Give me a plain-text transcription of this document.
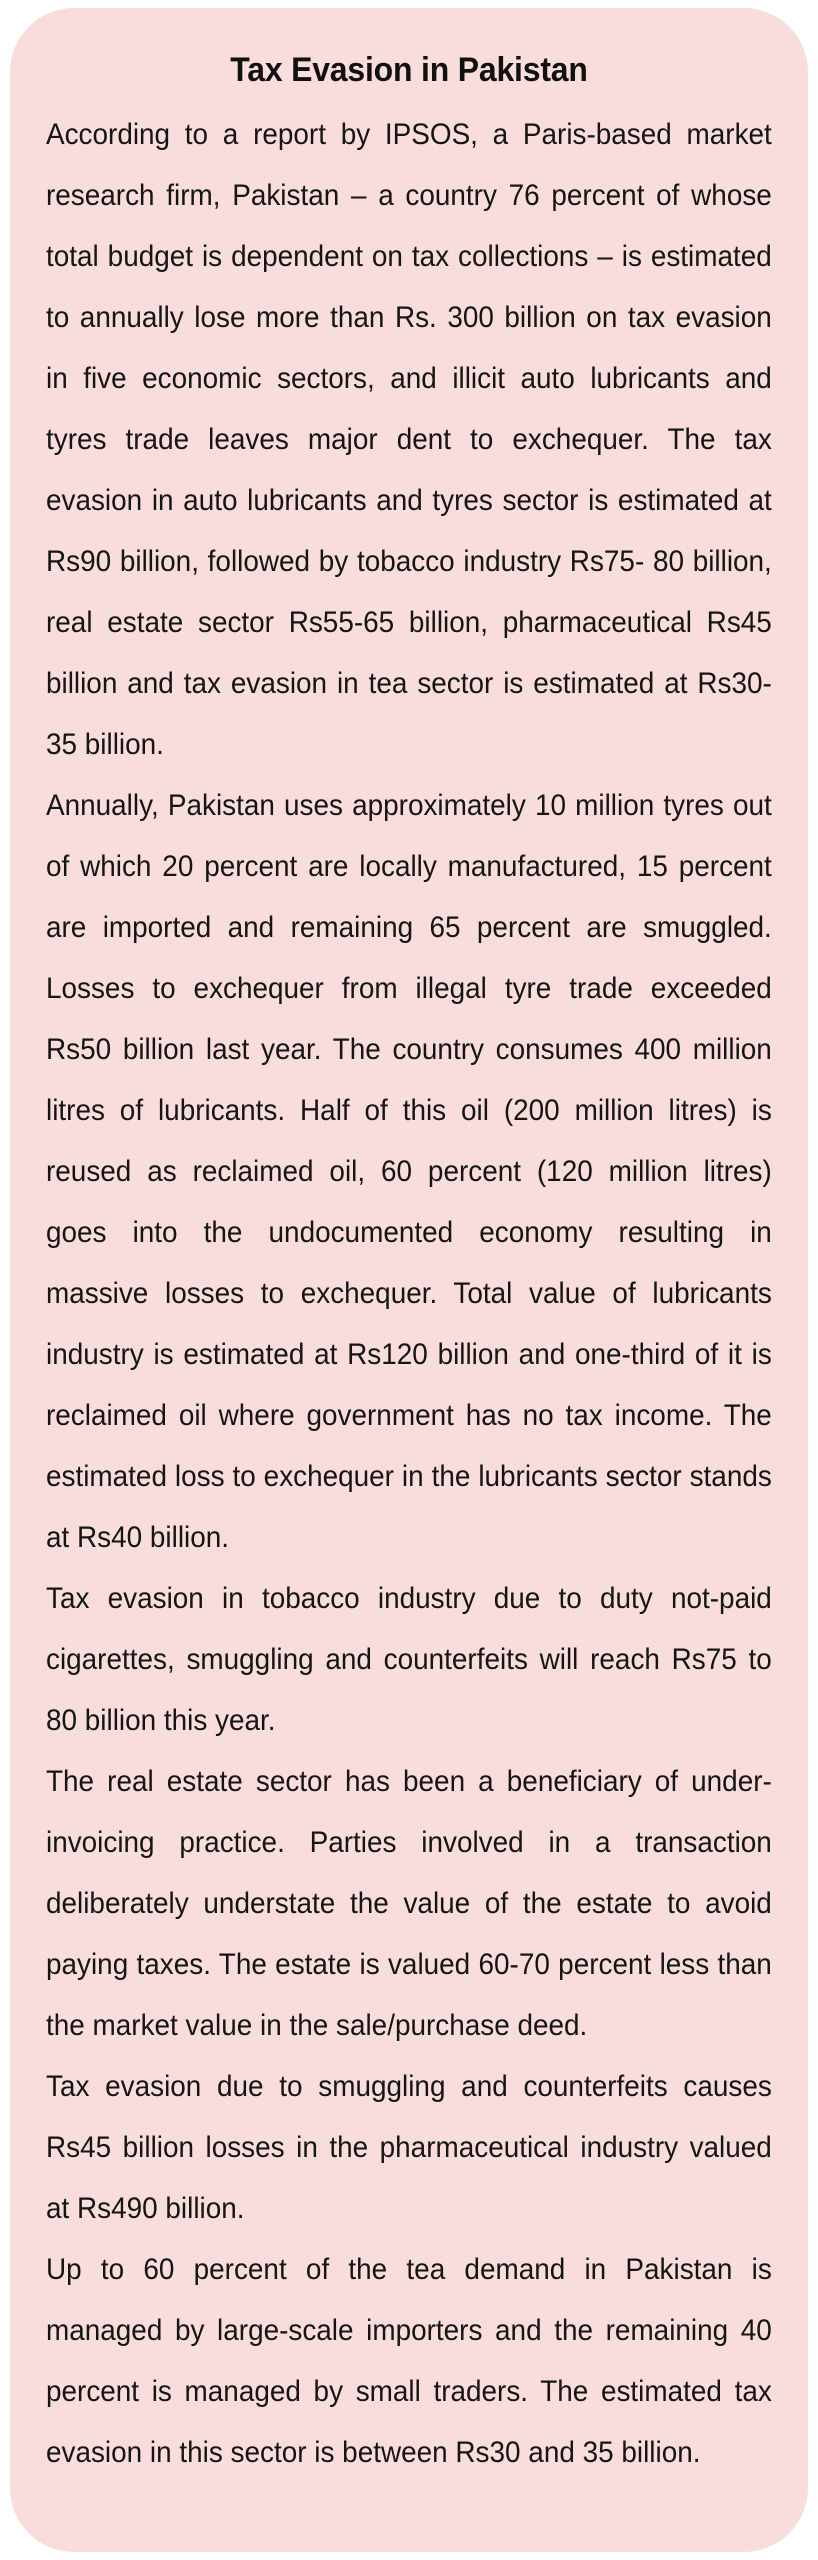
Tax Evasion in Pakistan

According to a report by IPSOS, a Paris-based market research firm, Pakistan – a country 76 percent of whose total budget is dependent on tax collections – is estimated to annually lose more than Rs. 300 billion on tax evasion in five economic sectors, and illicit auto lubricants and tyres trade leaves major dent to exchequer. The tax evasion in auto lubricants and tyres sector is estimated at Rs90 billion, followed by tobacco industry Rs75- 80 billion, real estate sector Rs55-65 billion, pharmaceutical Rs45 billion and tax evasion in tea sector is estimated at Rs30-35 billion.

Annually, Pakistan uses approximately 10 million tyres out of which 20 percent are locally manufactured, 15 percent are imported and remaining 65 percent are smuggled. Losses to exchequer from illegal tyre trade exceeded Rs50 billion last year. The country consumes 400 million litres of lubricants. Half of this oil (200 million litres) is reused as reclaimed oil, 60 percent (120 million litres) goes into the undocumented economy resulting in massive losses to exchequer. Total value of lubricants industry is estimated at Rs120 billion and one-third of it is reclaimed oil where government has no tax income. The estimated loss to exchequer in the lubricants sector stands at Rs40 billion.

Tax evasion in tobacco industry due to duty not-paid cigarettes, smuggling and counterfeits will reach Rs75 to 80 billion this year.

The real estate sector has been a beneficiary of under-invoicing practice. Parties involved in a transaction deliberately understate the value of the estate to avoid paying taxes. The estate is valued 60-70 percent less than the market value in the sale/purchase deed.

Tax evasion due to smuggling and counterfeits causes Rs45 billion losses in the pharmaceutical industry valued at Rs490 billion.

Up to 60 percent of the tea demand in Pakistan is managed by large-scale importers and the remaining 40 percent is managed by small traders. The estimated tax evasion in this sector is between Rs30 and 35 billion.
